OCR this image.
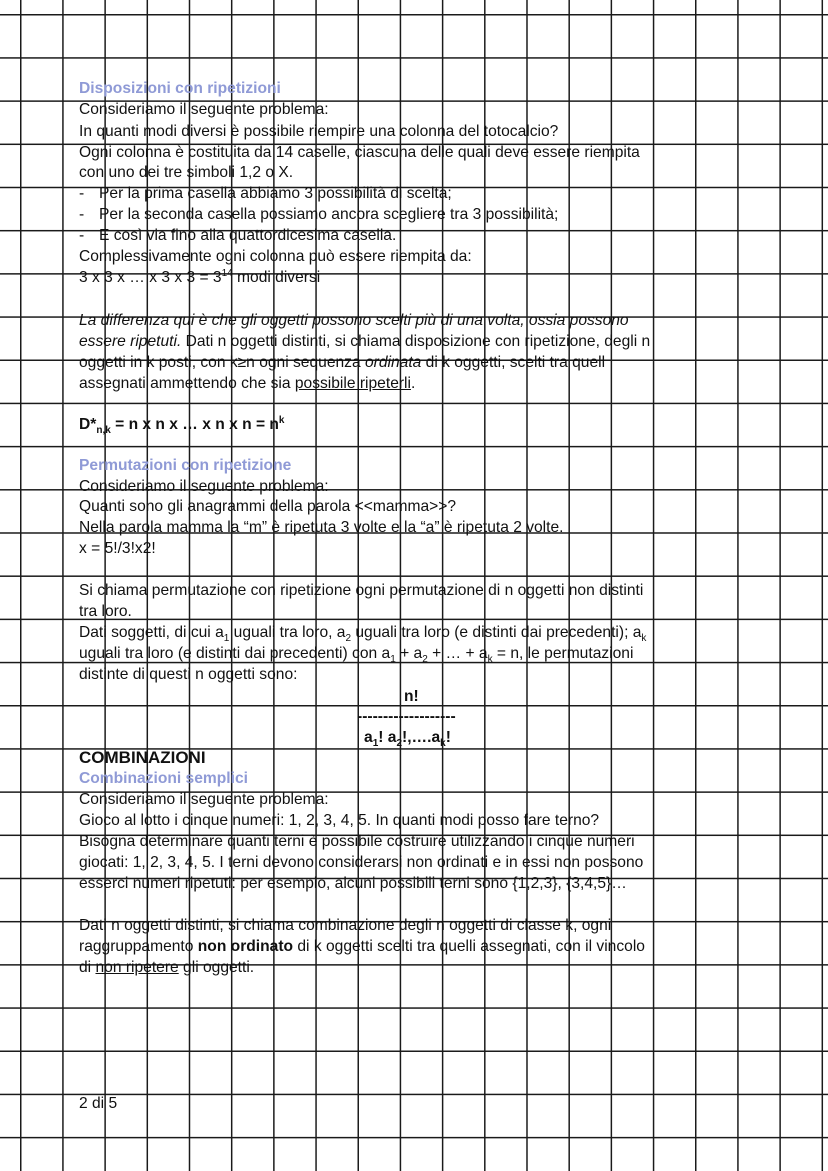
Disposizioni con ripetizioni
Consideriamo il seguente problema:
In quanti modi diversi è possibile riempire una colonna del totocalcio?
Ogni colonna è costituita da 14 caselle, ciascuna delle quali deve essere riempita
con uno dei tre simboli 1,2 o X.
- Per la prima casella abbiamo 3 possibilità di scelta;
- Per la seconda casella possiamo ancora scegliere tra 3 possibilità;
- E così via fino alla quattordicesima casella.
Complessivamente ogni colonna può essere riempita da:
3 x 3 x … x 3 x $3 = 3^{14}$ modi diversi
La differenza qui è che gli oggetti possono scelti più di una volta, ossia possono
essere ripetuti. Dati n oggetti distinti, si chiama disposizione con ripetizione, degli n
oggetti in k posti, con k≥n ogni sequenza ordinata di k oggetti, scelti tra quell
assegnati ammettendo che sia possibile ripeterli.
$D*_{n,k} = n$ x n x … x n x $n = n^k$
Permutazioni con ripetizione
Consideriamo il seguente problema:
Quanti sono gli anagrammi della parola <<mamma>>?
Nella parola mamma la “m” è ripetuta 3 volte e la “a” è ripetuta 2 volte.
x = 5!/3!x2!
Si chiama permutazione con ripetizione ogni permutazione di n oggetti non distinti
tra loro.
Dati soggetti, di cui $a_1$ uguali tra loro, $a_2$ uguali tra loro (e distinti dai precedenti); $a_k$
uguali tra loro (e distinti dai precedenti) con $a_1 + a_2$ + … + $a_k = n$, le permutazioni
distinte di questi n oggetti sono:
n!
-------------------
$a_1$! $a_2!,\dots.a_k$!
COMBINAZIONI
Combinazioni semplici
Consideriamo il seguente problema:
Gioco al lotto i cinque numeri: 1, 2, 3, 4, 5. In quanti modi posso fare terno?
Bisogna determinare quanti terni è possibile costruire utilizzando i cinque numeri
giocati: 1, 2, 3, 4, 5. I terni devono considerarsi non ordinati e in essi non possono
esserci numeri ripetuti: per esempio, alcuni possibili terni sono {1,2,3}, {3,4,5}…
Dati n oggetti distinti, si chiama combinazione degli n oggetti di classe k, ogni
raggruppamento non ordinato di k oggetti scelti tra quelli assegnati, con il vincolo
di non ripetere gli oggetti.
2 di 5
